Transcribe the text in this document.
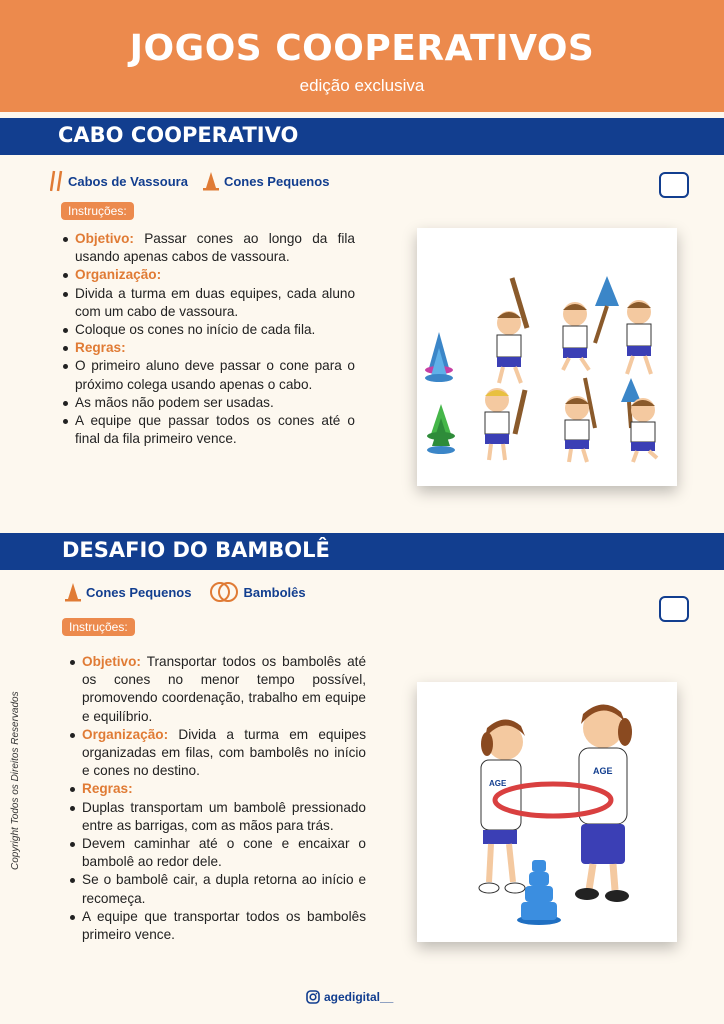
JOGOS COOPERATIVOS
edição exclusiva
CABO COOPERATIVO
Cabos de Vassoura	Cones Pequenos
Instruções:
Objetivo: Passar cones ao longo da fila usando apenas cabos de vassoura.
Organização:
Divida a turma em duas equipes, cada aluno com um cabo de vassoura.
Coloque os cones no início de cada fila.
Regras:
O primeiro aluno deve passar o cone para o próximo colega usando apenas o cabo.
As mãos não podem ser usadas.
A equipe que passar todos os cones até o final da fila primeiro vence.
DESAFIO DO BAMBOLÊ
Cones Pequenos	Bambolês
Instruções:
Objetivo: Transportar todos os bambolês até os cones no menor tempo possível, promovendo coordenação, trabalho em equipe e equilíbrio.
Organização: Divida a turma em equipes organizadas em filas, com bambolês no início e cones no destino.
Regras:
Duplas transportam um bambolê pressionado entre as barrigas, com as mãos para trás.
Devem caminhar até o cone e encaixar o bambolê ao redor dele.
Se o bambolê cair, a dupla retorna ao início e recomeça.
A equipe que transportar todos os bambolês primeiro vence.
AGE
AGE
Copyright Todos os Direitos Reservados
agedigital__
